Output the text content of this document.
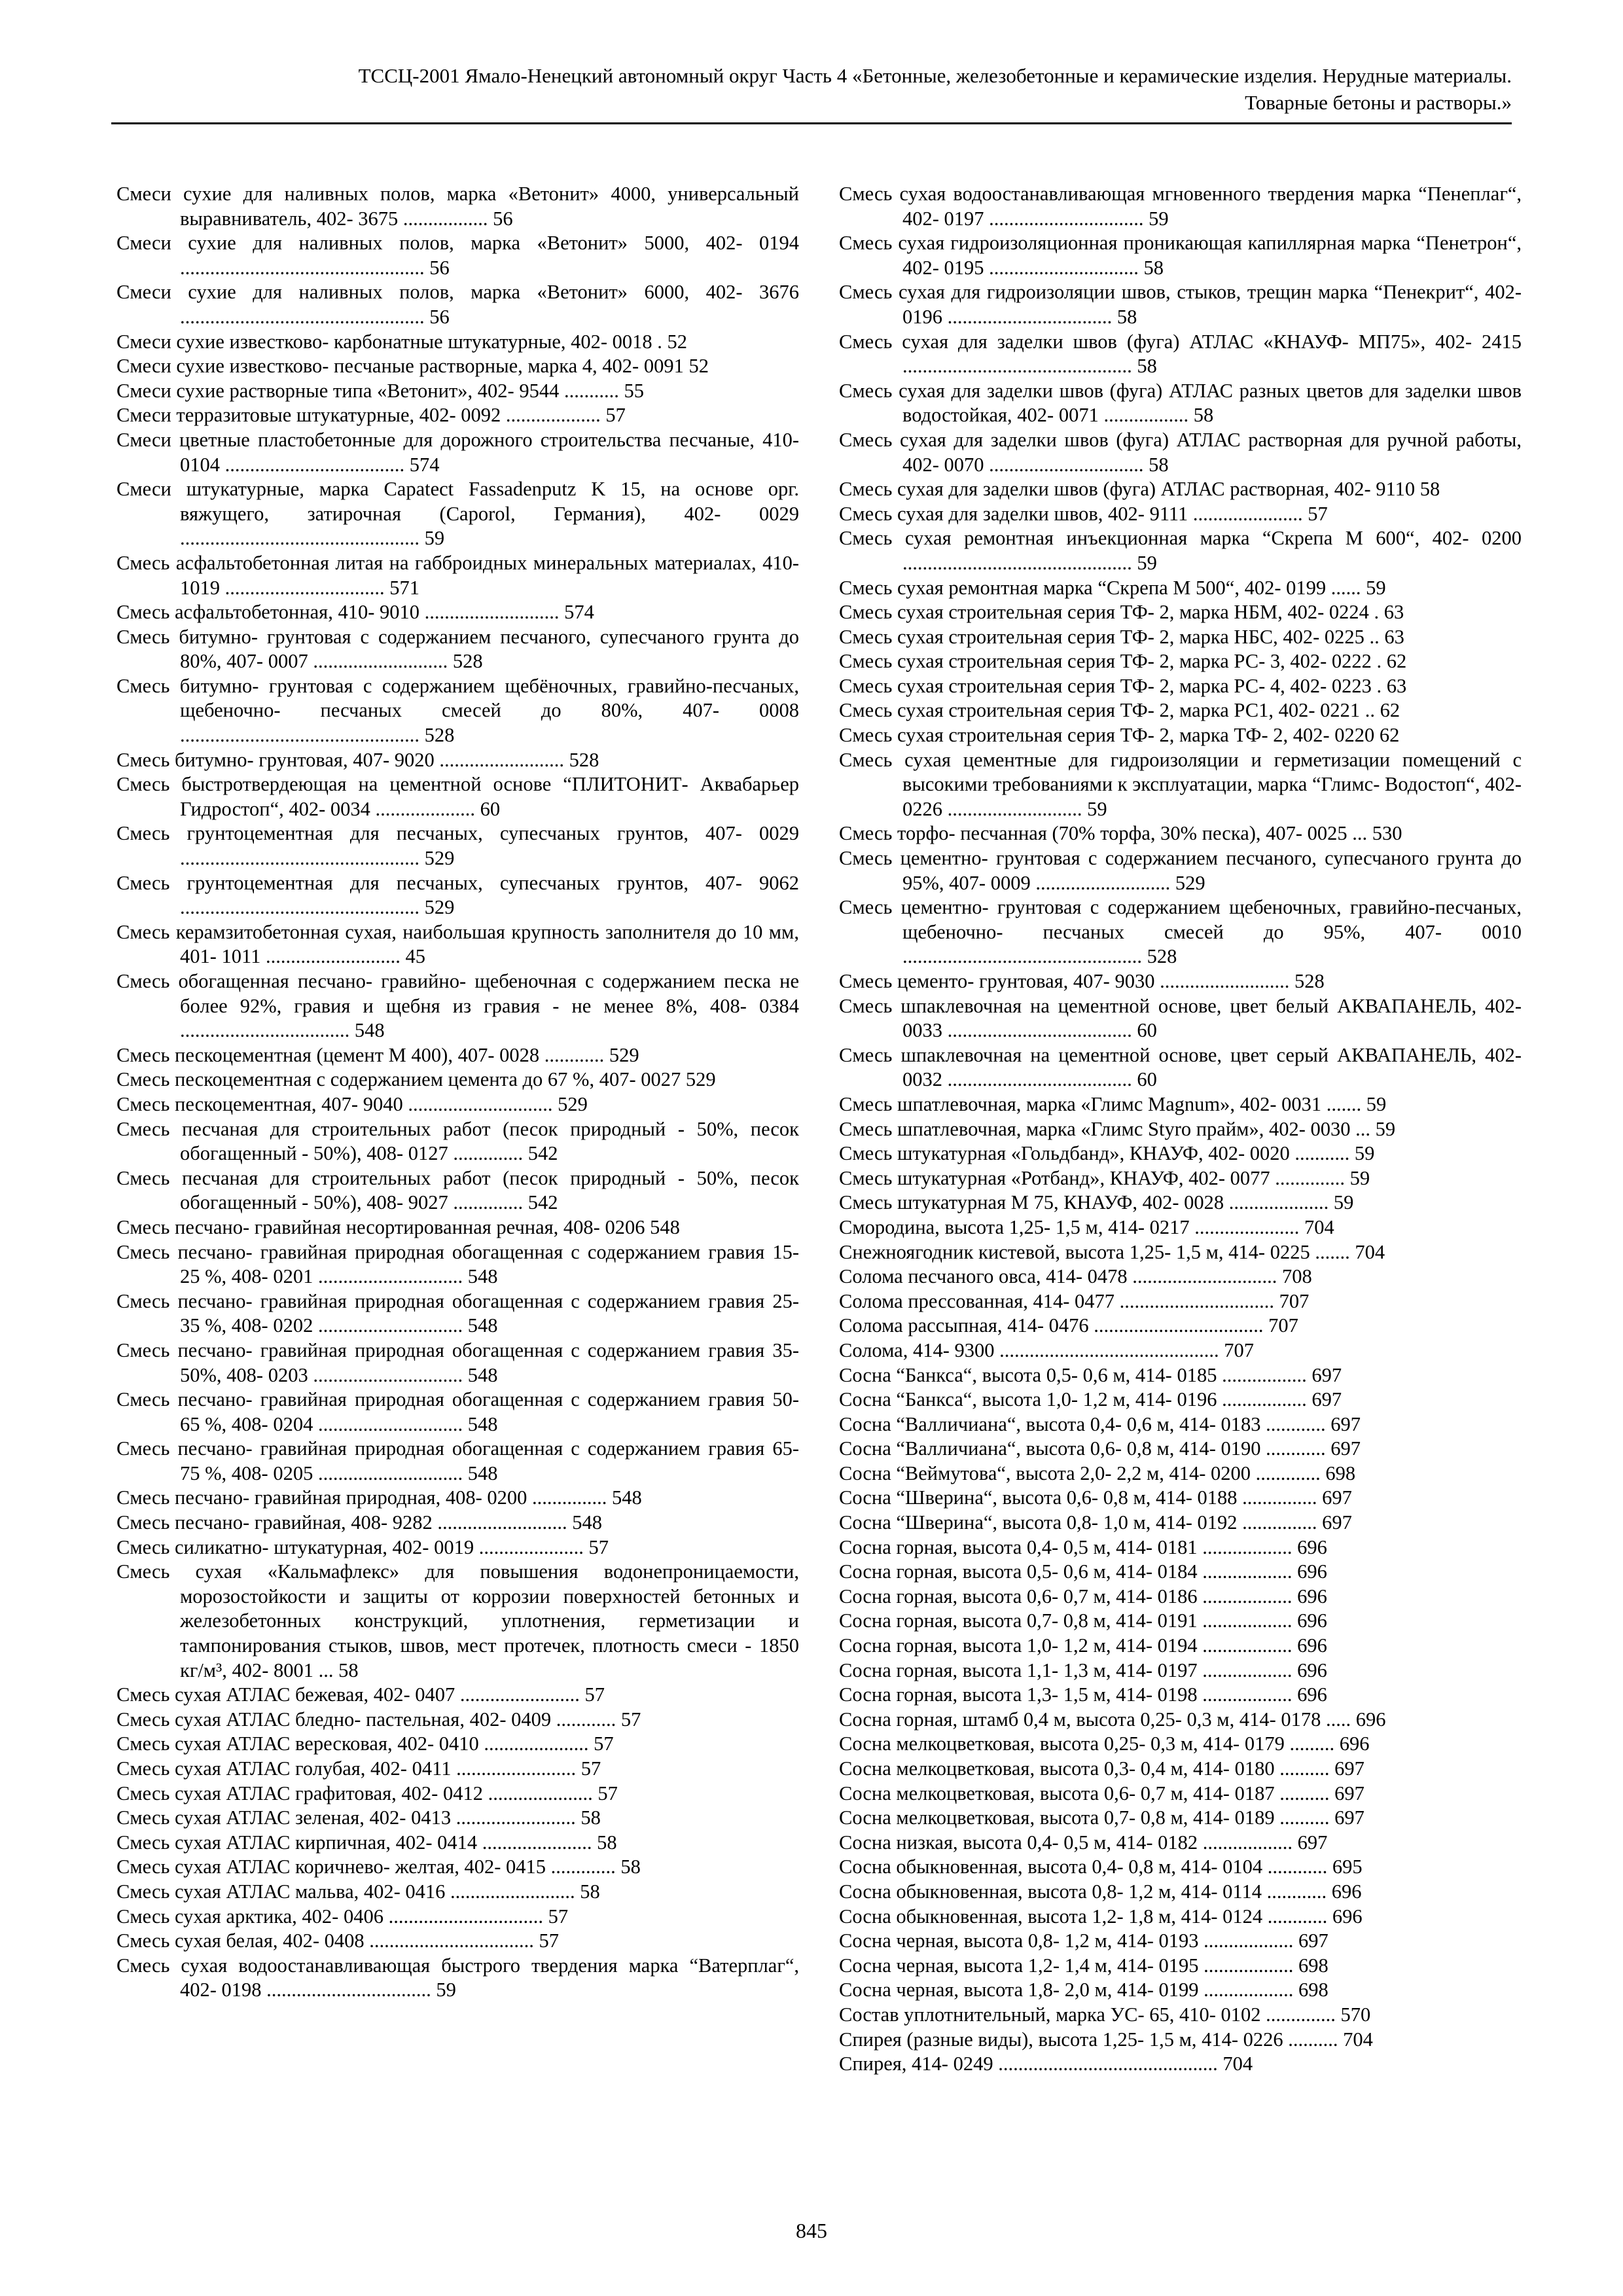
ТССЦ-2001 Ямало-Ненецкий автономный округ Часть 4 «Бетонные, железобетонные и керамические изделия. Нерудные материалы.
Товарные бетоны и растворы.»

Смеси сухие для наливных полов, марка «Ветонит» 4000, универсальный выравниватель, 402- 3675 ................. 56

Смеси сухие для наливных полов, марка «Ветонит» 5000, 402- 0194 ................................................. 56

Смеси сухие для наливных полов, марка «Ветонит» 6000, 402- 3676 ................................................. 56

Смеси сухие известково- карбонатные штукатурные, 402- 0018 . 52

Смеси сухие известково- песчаные растворные, марка 4, 402- 0091 52

Смеси сухие растворные типа «Ветонит», 402- 9544 ........... 55

Смеси терразитовые штукатурные, 402- 0092 ................... 57

Смеси цветные пластобетонные для дорожного строительства песчаные, 410- 0104 .................................... 574

Смеси штукатурные, марка Capatect Fassadenputz K 15, на основе орг. вяжущего, затирочная (Caporol, Германия), 402- 0029 ................................................ 59

Смесь асфальтобетонная литая на габброидных минеральных материалах, 410- 1019 ................................ 571

Смесь асфальтобетонная, 410- 9010 ........................... 574

Смесь битумно- грунтовая с содержанием песчаного, супесчаного грунта до 80%, 407- 0007 ........................... 528

Смесь битумно- грунтовая с содержанием щебёночных, гравийно-песчаных, щебеночно- песчаных смесей до 80%, 407- 0008 ................................................ 528

Смесь битумно- грунтовая, 407- 9020 ......................... 528

Смесь быстротвердеющая на цементной основе “ПЛИТОНИТ- Аквабарьер Гидростоп“, 402- 0034 .................... 60

Смесь грунтоцементная для песчаных, супесчаных грунтов, 407- 0029 ................................................ 529

Смесь грунтоцементная для песчаных, супесчаных грунтов, 407- 9062 ................................................ 529

Смесь керамзитобетонная сухая, наибольшая крупность заполнителя до 10 мм, 401- 1011 ........................... 45

Смесь обогащенная песчано- гравийно- щебеночная с содержанием песка не более 92%, гравия и щебня из гравия - не менее 8%, 408- 0384 .................................. 548

Смесь пескоцементная (цемент М 400), 407- 0028 ............ 529

Смесь пескоцементная с содержанием цемента до 67 %, 407- 0027 529

Смесь пескоцементная, 407- 9040 ............................. 529

Смесь песчаная для строительных работ (песок природный - 50%, песок обогащенный - 50%), 408- 0127 .............. 542

Смесь песчаная для строительных работ (песок природный - 50%, песок обогащенный - 50%), 408- 9027 .............. 542

Смесь песчано- гравийная несортированная речная, 408- 0206 548

Смесь песчано- гравийная природная обогащенная с содержанием гравия 15- 25 %, 408- 0201 ............................. 548

Смесь песчано- гравийная природная обогащенная с содержанием гравия 25- 35 %, 408- 0202 ............................. 548

Смесь песчано- гравийная природная обогащенная с содержанием гравия 35- 50%, 408- 0203 .............................. 548

Смесь песчано- гравийная природная обогащенная с содержанием гравия 50- 65 %, 408- 0204 ............................. 548

Смесь песчано- гравийная природная обогащенная с содержанием гравия 65- 75 %, 408- 0205 ............................. 548

Смесь песчано- гравийная природная, 408- 0200 ............... 548

Смесь песчано- гравийная, 408- 9282 .......................... 548

Смесь силикатно- штукатурная, 402- 0019 ..................... 57

Смесь сухая «Кальмафлекс» для повышения водонепроницаемости, морозостойкости и защиты от коррозии поверхностей бетонных и железобетонных конструкций, уплотнения, герметизации и тампонирования стыков, швов, мест протечек, плотность смеси - 1850 кг/м³, 402- 8001 ... 58

Смесь сухая АТЛАС бежевая, 402- 0407 ........................ 57

Смесь сухая АТЛАС бледно- пастельная, 402- 0409 ............ 57

Смесь сухая АТЛАС вересковая, 402- 0410 ..................... 57

Смесь сухая АТЛАС голубая, 402- 0411 ........................ 57

Смесь сухая АТЛАС графитовая, 402- 0412 ..................... 57

Смесь сухая АТЛАС зеленая, 402- 0413 ........................ 58

Смесь сухая АТЛАС кирпичная, 402- 0414 ...................... 58

Смесь сухая АТЛАС коричнево- желтая, 402- 0415 ............. 58

Смесь сухая АТЛАС мальва, 402- 0416 ......................... 58

Смесь сухая арктика, 402- 0406 ............................... 57

Смесь сухая белая, 402- 0408 ................................. 57

Смесь сухая водоостанавливающая быстрого твердения марка “Ватерплаг“, 402- 0198 ................................. 59

Смесь сухая водоостанавливающая мгновенного твердения марка “Пенеплаг“, 402- 0197 ............................... 59

Смесь сухая гидроизоляционная проникающая капиллярная марка “Пенетрон“, 402- 0195 .............................. 58

Смесь сухая для гидроизоляции швов, стыков, трещин марка “Пенекрит“, 402- 0196 ................................. 58

Смесь сухая для заделки швов (фуга) АТЛАС «КНАУФ- МП75», 402- 2415 .............................................. 58

Смесь сухая для заделки швов (фуга) АТЛАС разных цветов для заделки швов водостойкая, 402- 0071 ................. 58

Смесь сухая для заделки швов (фуга) АТЛАС растворная для ручной работы, 402- 0070 ............................... 58

Смесь сухая для заделки швов (фуга) АТЛАС растворная, 402- 9110 58

Смесь сухая для заделки швов, 402- 9111 ...................... 57

Смесь сухая ремонтная инъекционная марка “Скрепа М 600“, 402- 0200 .............................................. 59

Смесь сухая ремонтная марка “Скрепа М 500“, 402- 0199 ...... 59

Смесь сухая строительная серия ТФ- 2, марка НБМ, 402- 0224 . 63

Смесь сухая строительная серия ТФ- 2, марка НБС, 402- 0225 .. 63

Смесь сухая строительная серия ТФ- 2, марка РС- 3, 402- 0222 . 62

Смесь сухая строительная серия ТФ- 2, марка РС- 4, 402- 0223 . 63

Смесь сухая строительная серия ТФ- 2, марка РС1, 402- 0221 .. 62

Смесь сухая строительная серия ТФ- 2, марка ТФ- 2, 402- 0220 62

Смесь сухая цементные для гидроизоляции и герметизации помещений с высокими требованиями к эксплуатации, марка “Глимс- Водостоп“, 402- 0226 ........................... 59

Смесь торфо- песчанная (70% торфа, 30% песка), 407- 0025 ... 530

Смесь цементно- грунтовая с содержанием песчаного, супесчаного грунта до 95%, 407- 0009 ........................... 529

Смесь цементно- грунтовая с содержанием щебеночных, гравийно-песчаных, щебеночно- песчаных смесей до 95%, 407- 0010 ................................................ 528

Смесь цементо- грунтовая, 407- 9030 .......................... 528

Смесь шпаклевочная на цементной основе, цвет белый АКВАПАНЕЛЬ, 402- 0033 ..................................... 60

Смесь шпаклевочная на цементной основе, цвет серый АКВАПАНЕЛЬ, 402- 0032 ..................................... 60

Смесь шпатлевочная, марка «Глимс Magnum», 402- 0031 ....... 59

Смесь шпатлевочная, марка «Глимс Styro прайм», 402- 0030 ... 59

Смесь штукатурная «Гольдбанд», КНАУФ, 402- 0020 ........... 59

Смесь штукатурная «Ротбанд», КНАУФ, 402- 0077 .............. 59

Смесь штукатурная М 75, КНАУФ, 402- 0028 .................... 59

Смородина, высота 1,25- 1,5 м, 414- 0217 ..................... 704

Снежноягодник кистевой, высота 1,25- 1,5 м, 414- 0225 ....... 704

Солома песчаного овса, 414- 0478 ............................. 708

Солома прессованная, 414- 0477 ............................... 707

Солома рассыпная, 414- 0476 .................................. 707

Солома, 414- 9300 ............................................ 707

Сосна “Банкса“, высота 0,5- 0,6 м, 414- 0185 ................. 697

Сосна “Банкса“, высота 1,0- 1,2 м, 414- 0196 ................. 697

Сосна “Валличиана“, высота 0,4- 0,6 м, 414- 0183 ............ 697

Сосна “Валличиана“, высота 0,6- 0,8 м, 414- 0190 ............ 697

Сосна “Веймутова“, высота 2,0- 2,2 м, 414- 0200 ............. 698

Сосна “Шверина“, высота 0,6- 0,8 м, 414- 0188 ............... 697

Сосна “Шверина“, высота 0,8- 1,0 м, 414- 0192 ............... 697

Сосна горная, высота 0,4- 0,5 м, 414- 0181 .................. 696

Сосна горная, высота 0,5- 0,6 м, 414- 0184 .................. 696

Сосна горная, высота 0,6- 0,7 м, 414- 0186 .................. 696

Сосна горная, высота 0,7- 0,8 м, 414- 0191 .................. 696

Сосна горная, высота 1,0- 1,2 м, 414- 0194 .................. 696

Сосна горная, высота 1,1- 1,3 м, 414- 0197 .................. 696

Сосна горная, высота 1,3- 1,5 м, 414- 0198 .................. 696

Сосна горная, штамб 0,4 м, высота 0,25- 0,3 м, 414- 0178 ..... 696

Сосна мелкоцветковая, высота 0,25- 0,3 м, 414- 0179 ......... 696

Сосна мелкоцветковая, высота 0,3- 0,4 м, 414- 0180 .......... 697

Сосна мелкоцветковая, высота 0,6- 0,7 м, 414- 0187 .......... 697

Сосна мелкоцветковая, высота 0,7- 0,8 м, 414- 0189 .......... 697

Сосна низкая, высота 0,4- 0,5 м, 414- 0182 .................. 697

Сосна обыкновенная, высота 0,4- 0,8 м, 414- 0104 ............ 695

Сосна обыкновенная, высота 0,8- 1,2 м, 414- 0114 ............ 696

Сосна обыкновенная, высота 1,2- 1,8 м, 414- 0124 ............ 696

Сосна черная, высота 0,8- 1,2 м, 414- 0193 .................. 697

Сосна черная, высота 1,2- 1,4 м, 414- 0195 .................. 698

Сосна черная, высота 1,8- 2,0 м, 414- 0199 .................. 698

Состав уплотнительный, марка УС- 65, 410- 0102 .............. 570

Спирея (разные виды), высота 1,25- 1,5 м, 414- 0226 .......... 704

Спирея, 414- 0249 ............................................ 704

845
